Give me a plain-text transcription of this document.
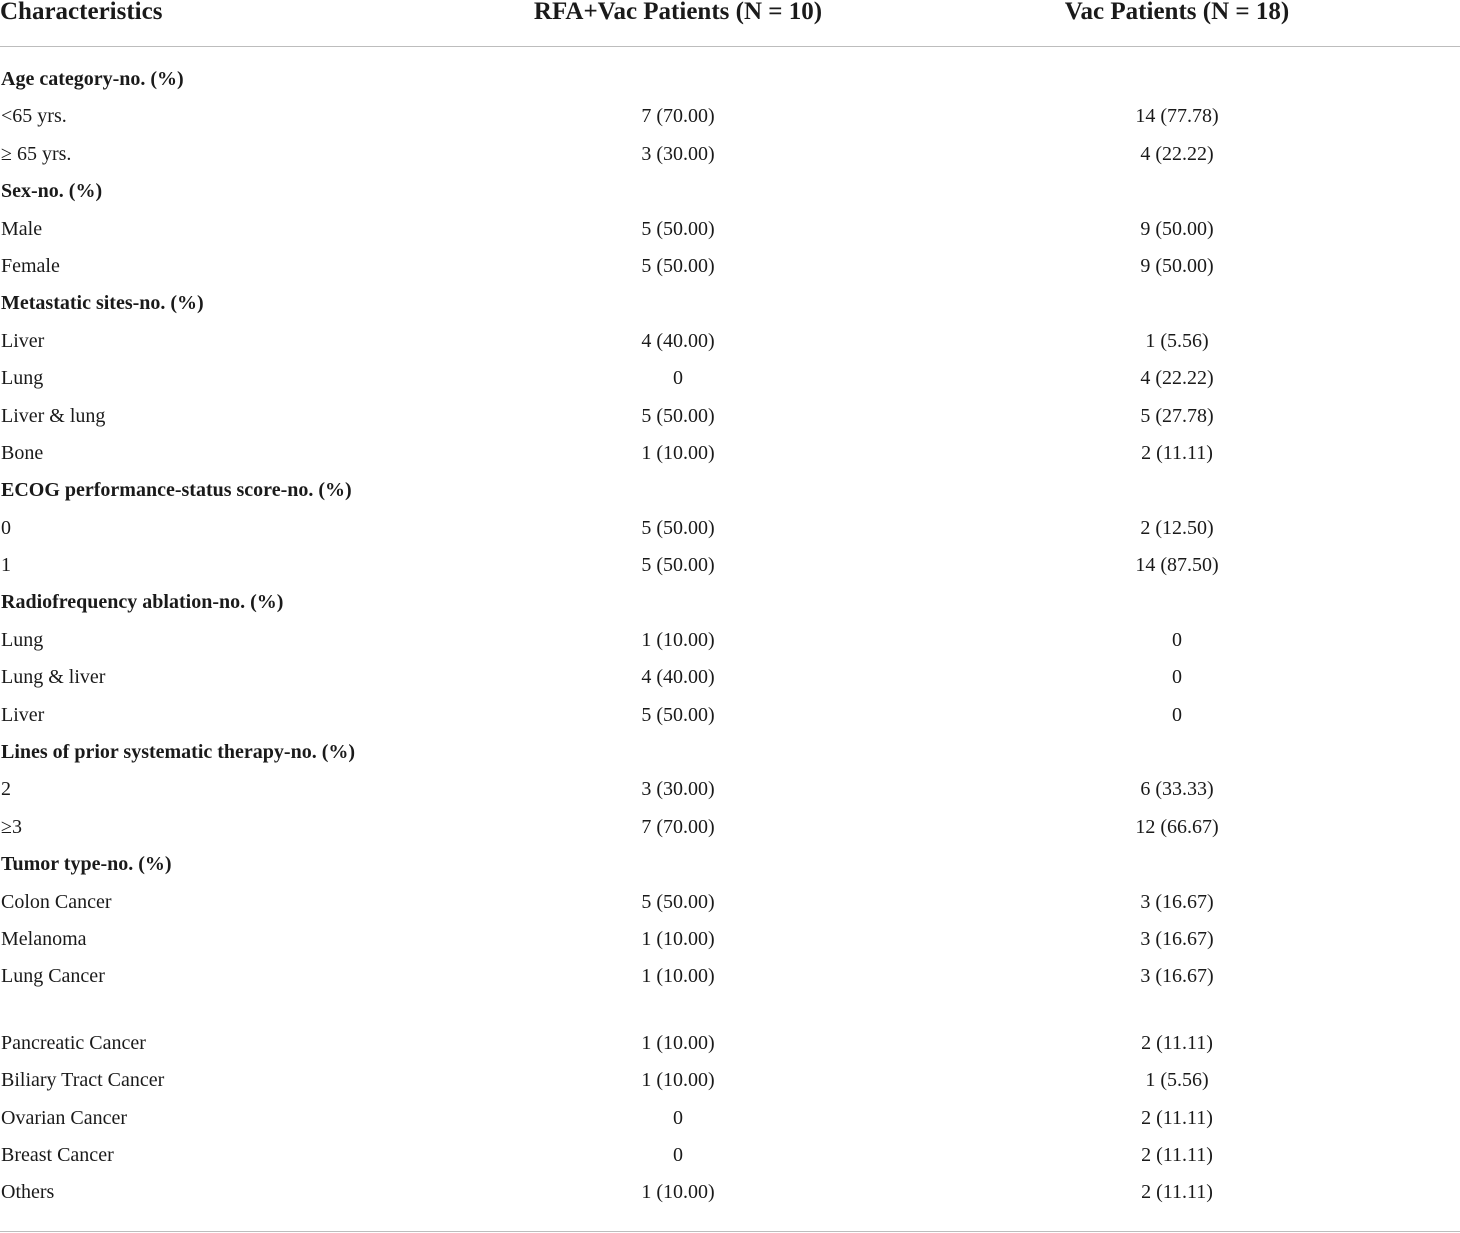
Characteristics	RFA+Vac Patients (N = 10)	Vac Patients (N = 18)
Age category-no. (%)
<65 yrs.	7 (70.00)	14 (77.78)
≥ 65 yrs.	3 (30.00)	4 (22.22)
Sex-no. (%)
Male	5 (50.00)	9 (50.00)
Female	5 (50.00)	9 (50.00)
Metastatic sites-no. (%)
Liver	4 (40.00)	1 (5.56)
Lung	0	4 (22.22)
Liver & lung	5 (50.00)	5 (27.78)
Bone	1 (10.00)	2 (11.11)
ECOG performance-status score-no. (%)
0	5 (50.00)	2 (12.50)
1	5 (50.00)	14 (87.50)
Radiofrequency ablation-no. (%)
Lung	1 (10.00)	0
Lung & liver	4 (40.00)	0
Liver	5 (50.00)	0
Lines of prior systematic therapy-no. (%)
2	3 (30.00)	6 (33.33)
≥3	7 (70.00)	12 (66.67)
Tumor type-no. (%)
Colon Cancer	5 (50.00)	3 (16.67)
Melanoma	1 (10.00)	3 (16.67)
Lung Cancer	1 (10.00)	3 (16.67)
Pancreatic Cancer	1 (10.00)	2 (11.11)
Biliary Tract Cancer	1 (10.00)	1 (5.56)
Ovarian Cancer	0	2 (11.11)
Breast Cancer	0	2 (11.11)
Others	1 (10.00)	2 (11.11)
